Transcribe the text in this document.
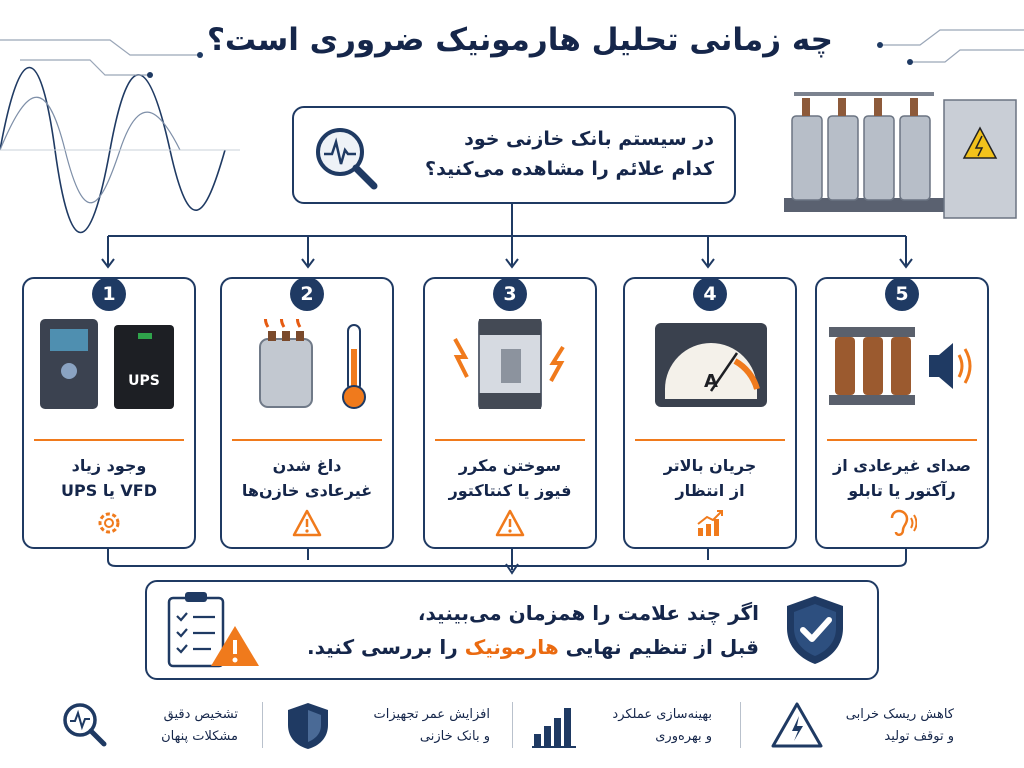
چه زمانی تحلیل هارمونیک ضروری است؟
در سیستم بانک خازنی خود
کدام علائم را مشاهده می‌کنید؟
1
UPS
وجود زیاد
VFD یا UPS
2
داغ شدن
غیرعادی خازن‌ها
3
سوختن مکرر
فیوز یا کنتاکتور
4
A
جریان بالاتر
از انتظار
5
صدای غیرعادی از
رآکتور یا تابلو
اگر چند علامت را همزمان می‌بینید،
قبل از تنظیم نهایی هارمونیک را بررسی کنید.
تشخیص دقیق
مشکلات پنهان
افزایش عمر تجهیزات
و بانک خازنی
بهینه‌سازی عملکرد
و بهره‌وری
کاهش ریسک خرابی
و توقف تولید
